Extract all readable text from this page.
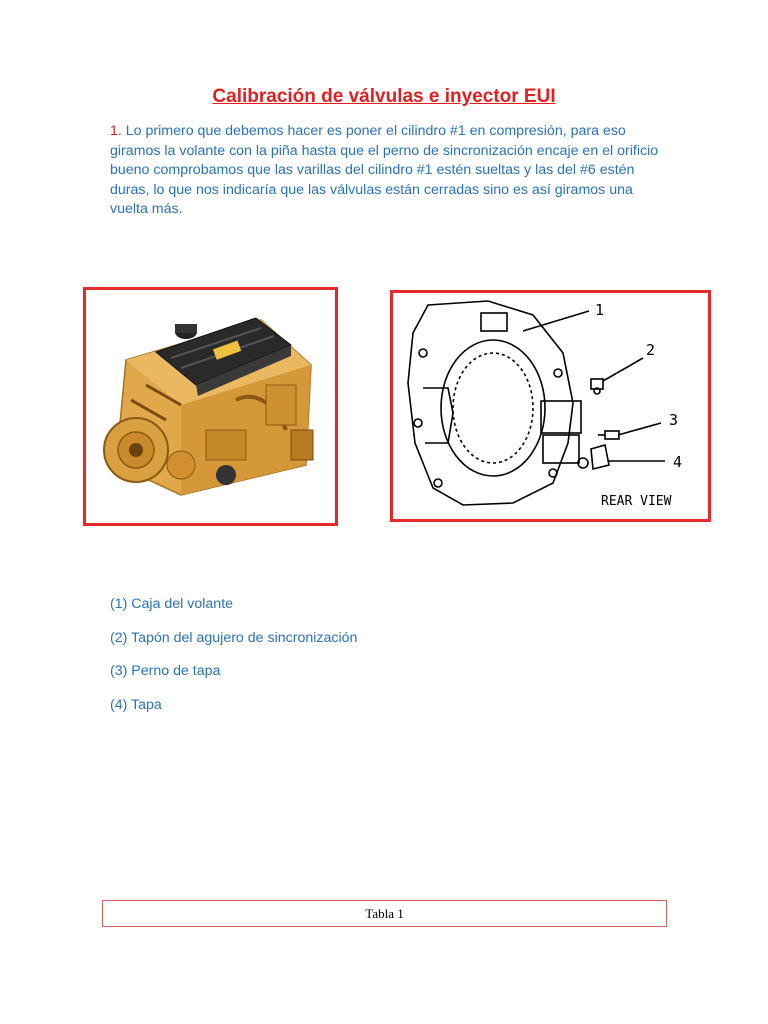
Calibración de válvulas e inyector EUI

1. Lo primero que debemos hacer es poner el cilindro #1 en compresión, para eso giramos la volante con la piña hasta que el perno de sincronización encaje en el orificio bueno comprobamos que las varillas del cilindro #1 estén sueltas y las del #6 estén duras, lo que nos indicaría que las válvulas están cerradas sino es así giramos una vuelta más.

1
2
3
4
REAR VIEW
(1) Caja del volante
(2) Tapón del agujero de sincronización
(3) Perno de tapa
(4) Tapa
Tabla 1
